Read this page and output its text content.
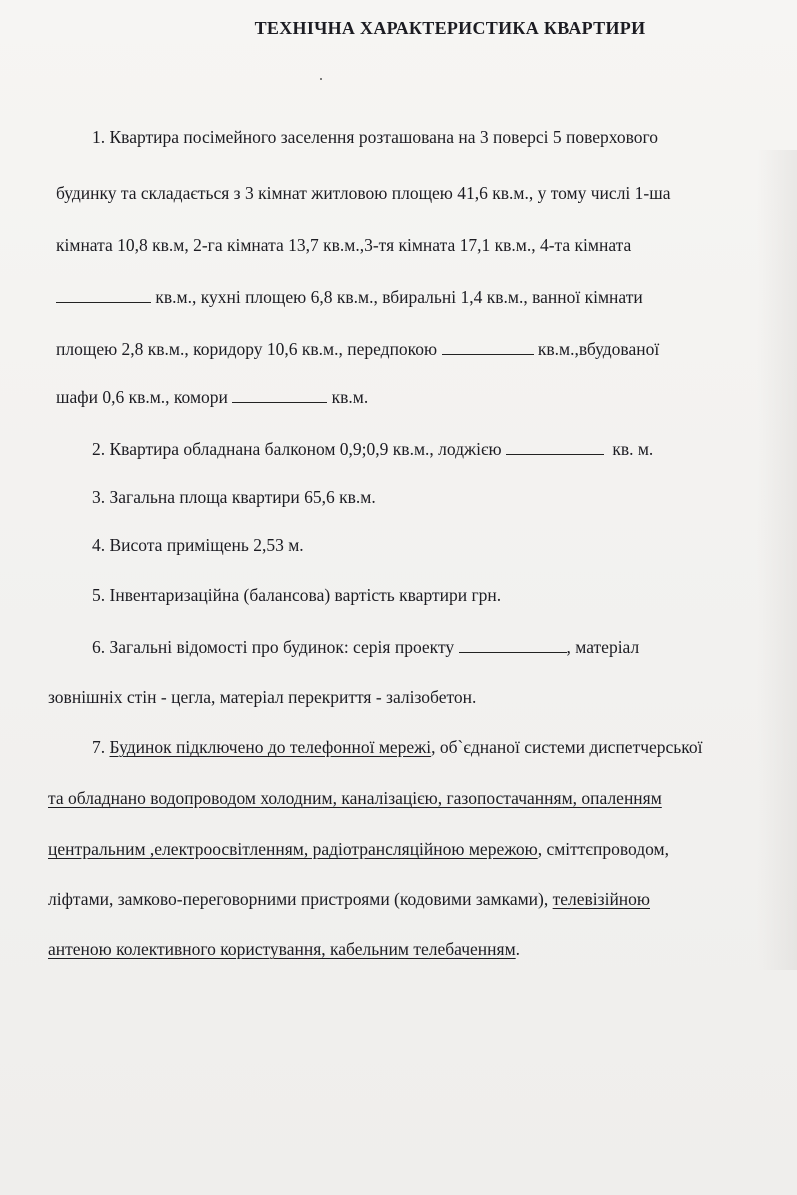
ТЕХНІЧНА ХАРАКТЕРИСТИКА КВАРТИРИ
1. Квартира посімейного заселення розташована на 3 поверсі 5 поверхового
будинку та складається з 3 кімнат житловою площею 41,6 кв.м., у тому числі 1-ша
кімната 10,8 кв.м, 2-га кімната 13,7 кв.м.,3-тя кімната 17,1 кв.м., 4-та кімната
кв.м., кухні площею 6,8 кв.м., вбиральні 1,4 кв.м., ванної кімнати
площею 2,8 кв.м., коридору 10,6 кв.м., передпокою	кв.м.,вбудованої
шафи 0,6 кв.м., комори	кв.м.
2. Квартира обладнана балконом 0,9;0,9 кв.м., лоджією	кв. м.
3. Загальна площа квартири 65,6 кв.м.
4. Висота приміщень 2,53 м.
5. Інвентаризаційна (балансова) вартість квартири грн.
6. Загальні відомості про будинок: серія проекту	, матеріал
зовнішніх стін - цегла, матеріал перекриття - залізобетон.
7. Будинок підключено до телефонної мережі, об`єднаної системи диспетчерської
та обладнано водопроводом холодним, каналізацією, газопостачанням, опаленням
центральним ,електроосвітленням, радіотрансляційною мережою, сміттєпроводом,
ліфтами, замково-переговорними пристроями (кодовими замками), телевізійною
антеною колективного користування, кабельним телебаченням.
